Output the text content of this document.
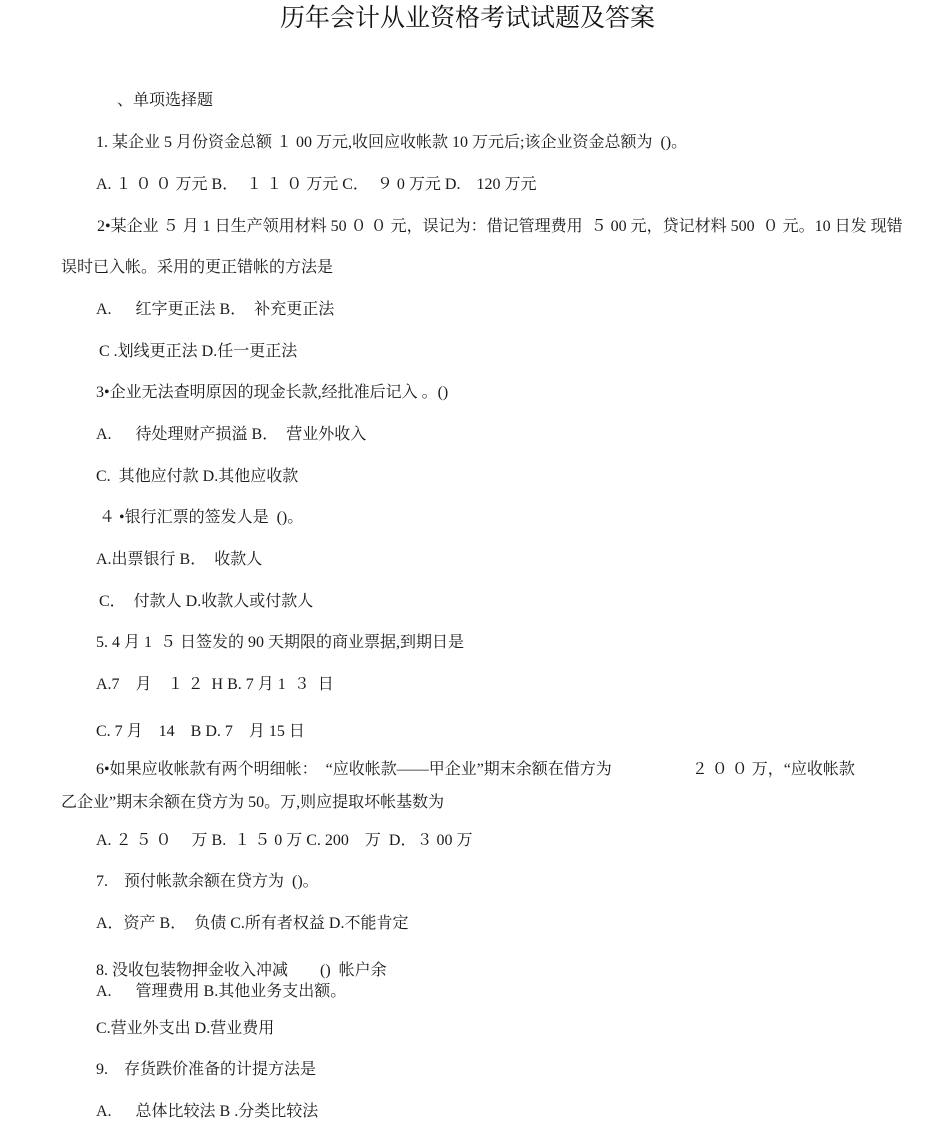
历年会计从业资格考试试题及答案
、单项选择题
1. 某企业 5 月份资金总额 １ 00 万元,收回应收帐款 10 万元后;该企业资金总额为  ()。
A. １ ０ ０ 万元 B．  １ １ ０ 万元 C．  ９ 0 万元 D.    120 万元
2•某企业 ５ 月 1 日生产领用材料 50 ０ ０ 元，误记为：借记管理费用  ５ 00 元，贷记材料 500  ０ 元。10 日发 现错
误时已入帐。采用的更正错帐的方法是
A.      红字更正法 B．  补充更正法
C .划线更正法 D.任一更正法
3•企业无法查明原因的现金长款,经批准后记入 。()
A.      待处理财产损溢 B．  营业外收入
C.  其他应付款 D.其他应收款
４ •银行汇票的签发人是  ()。
A.出票银行 B．  收款人
C．  付款人 D.收款人或付款人
5. 4 月 1  ５ 日签发的 90 天期限的商业票据,到期日是
A.7    月    １ ２  H B. 7 月 1  ３  日
C. 7 月    14    B D. 7    月 15 日
6•如果应收帐款有两个明细帐：  “应收帐款——甲企业”期末余额在借方为                    ２ ０ ０ 万，“应收帐款
乙企业”期末余额在贷方为 50。万,则应提取坏帐基数为
A. ２ ５ ０     万 B.  １ ５ 0 万 C. 200    万  D．３ 00 万
7.    预付帐款余额在贷方为  ()。
A．资产 B．  负债 C.所有者权益 D.不能肯定
8. 没收包装物押金收入冲减        ()  帐户余
A.      管理费用 B.其他业务支出额。
C.营业外支出 D.营业费用
9.    存货跌价准备的计提方法是
A.      总体比较法 B .分类比较法
